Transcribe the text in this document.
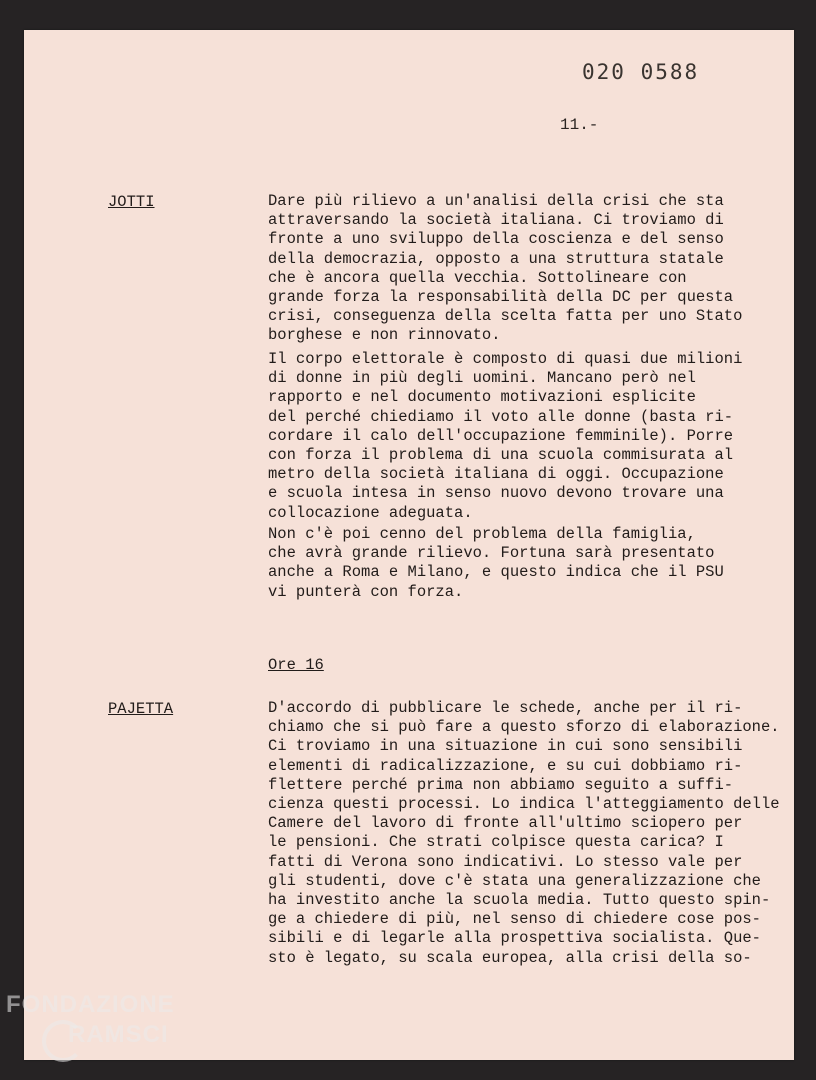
020 0588
11.-
JOTTI	Dare più rilievo a un'analisi della crisi che sta
attraversando la società italiana. Ci troviamo di
fronte a uno sviluppo della coscienza e del senso
della democrazia, opposto a una struttura statale
che è ancora quella vecchia. Sottolineare con
grande forza la responsabilità della DC per questa
crisi, conseguenza della scelta fatta per uno Stato
borghese e non rinnovato.

Il corpo elettorale è composto di quasi due milioni
di donne in più degli uomini. Mancano però nel
rapporto e nel documento motivazioni esplicite
del perché chiediamo il voto alle donne (basta ri-
cordare il calo dell'occupazione femminile). Porre
con forza il problema di una scuola commisurata al
metro della società italiana di oggi. Occupazione
e scuola intesa in senso nuovo devono trovare una
collocazione adeguata.

Non c'è poi cenno del problema della famiglia,
che avrà grande rilievo. Fortuna sarà presentato
anche a Roma e Milano, e questo indica che il PSU
vi punterà con forza.

Ore 16
PAJETTA	D'accordo di pubblicare le schede, anche per il ri-
chiamo che si può fare a questo sforzo di elaborazione.
Ci troviamo in una situazione in cui sono sensibili
elementi di radicalizzazione, e su cui dobbiamo ri-
flettere perché prima non abbiamo seguito a suffi-
cienza questi processi. Lo indica l'atteggiamento delle
Camere del lavoro di fronte all'ultimo sciopero per
le pensioni. Che strati colpisce questa carica? I
fatti di Verona sono indicativi. Lo stesso vale per
gli studenti, dove c'è stata una generalizzazione che
ha investito anche la scuola media. Tutto questo spin-
ge a chiedere di più, nel senso di chiedere cose pos-
sibili e di legarle alla prospettiva socialista. Que-
sto è legato, su scala europea, alla crisi della so-

FONDAZIONE
RAMSCI
